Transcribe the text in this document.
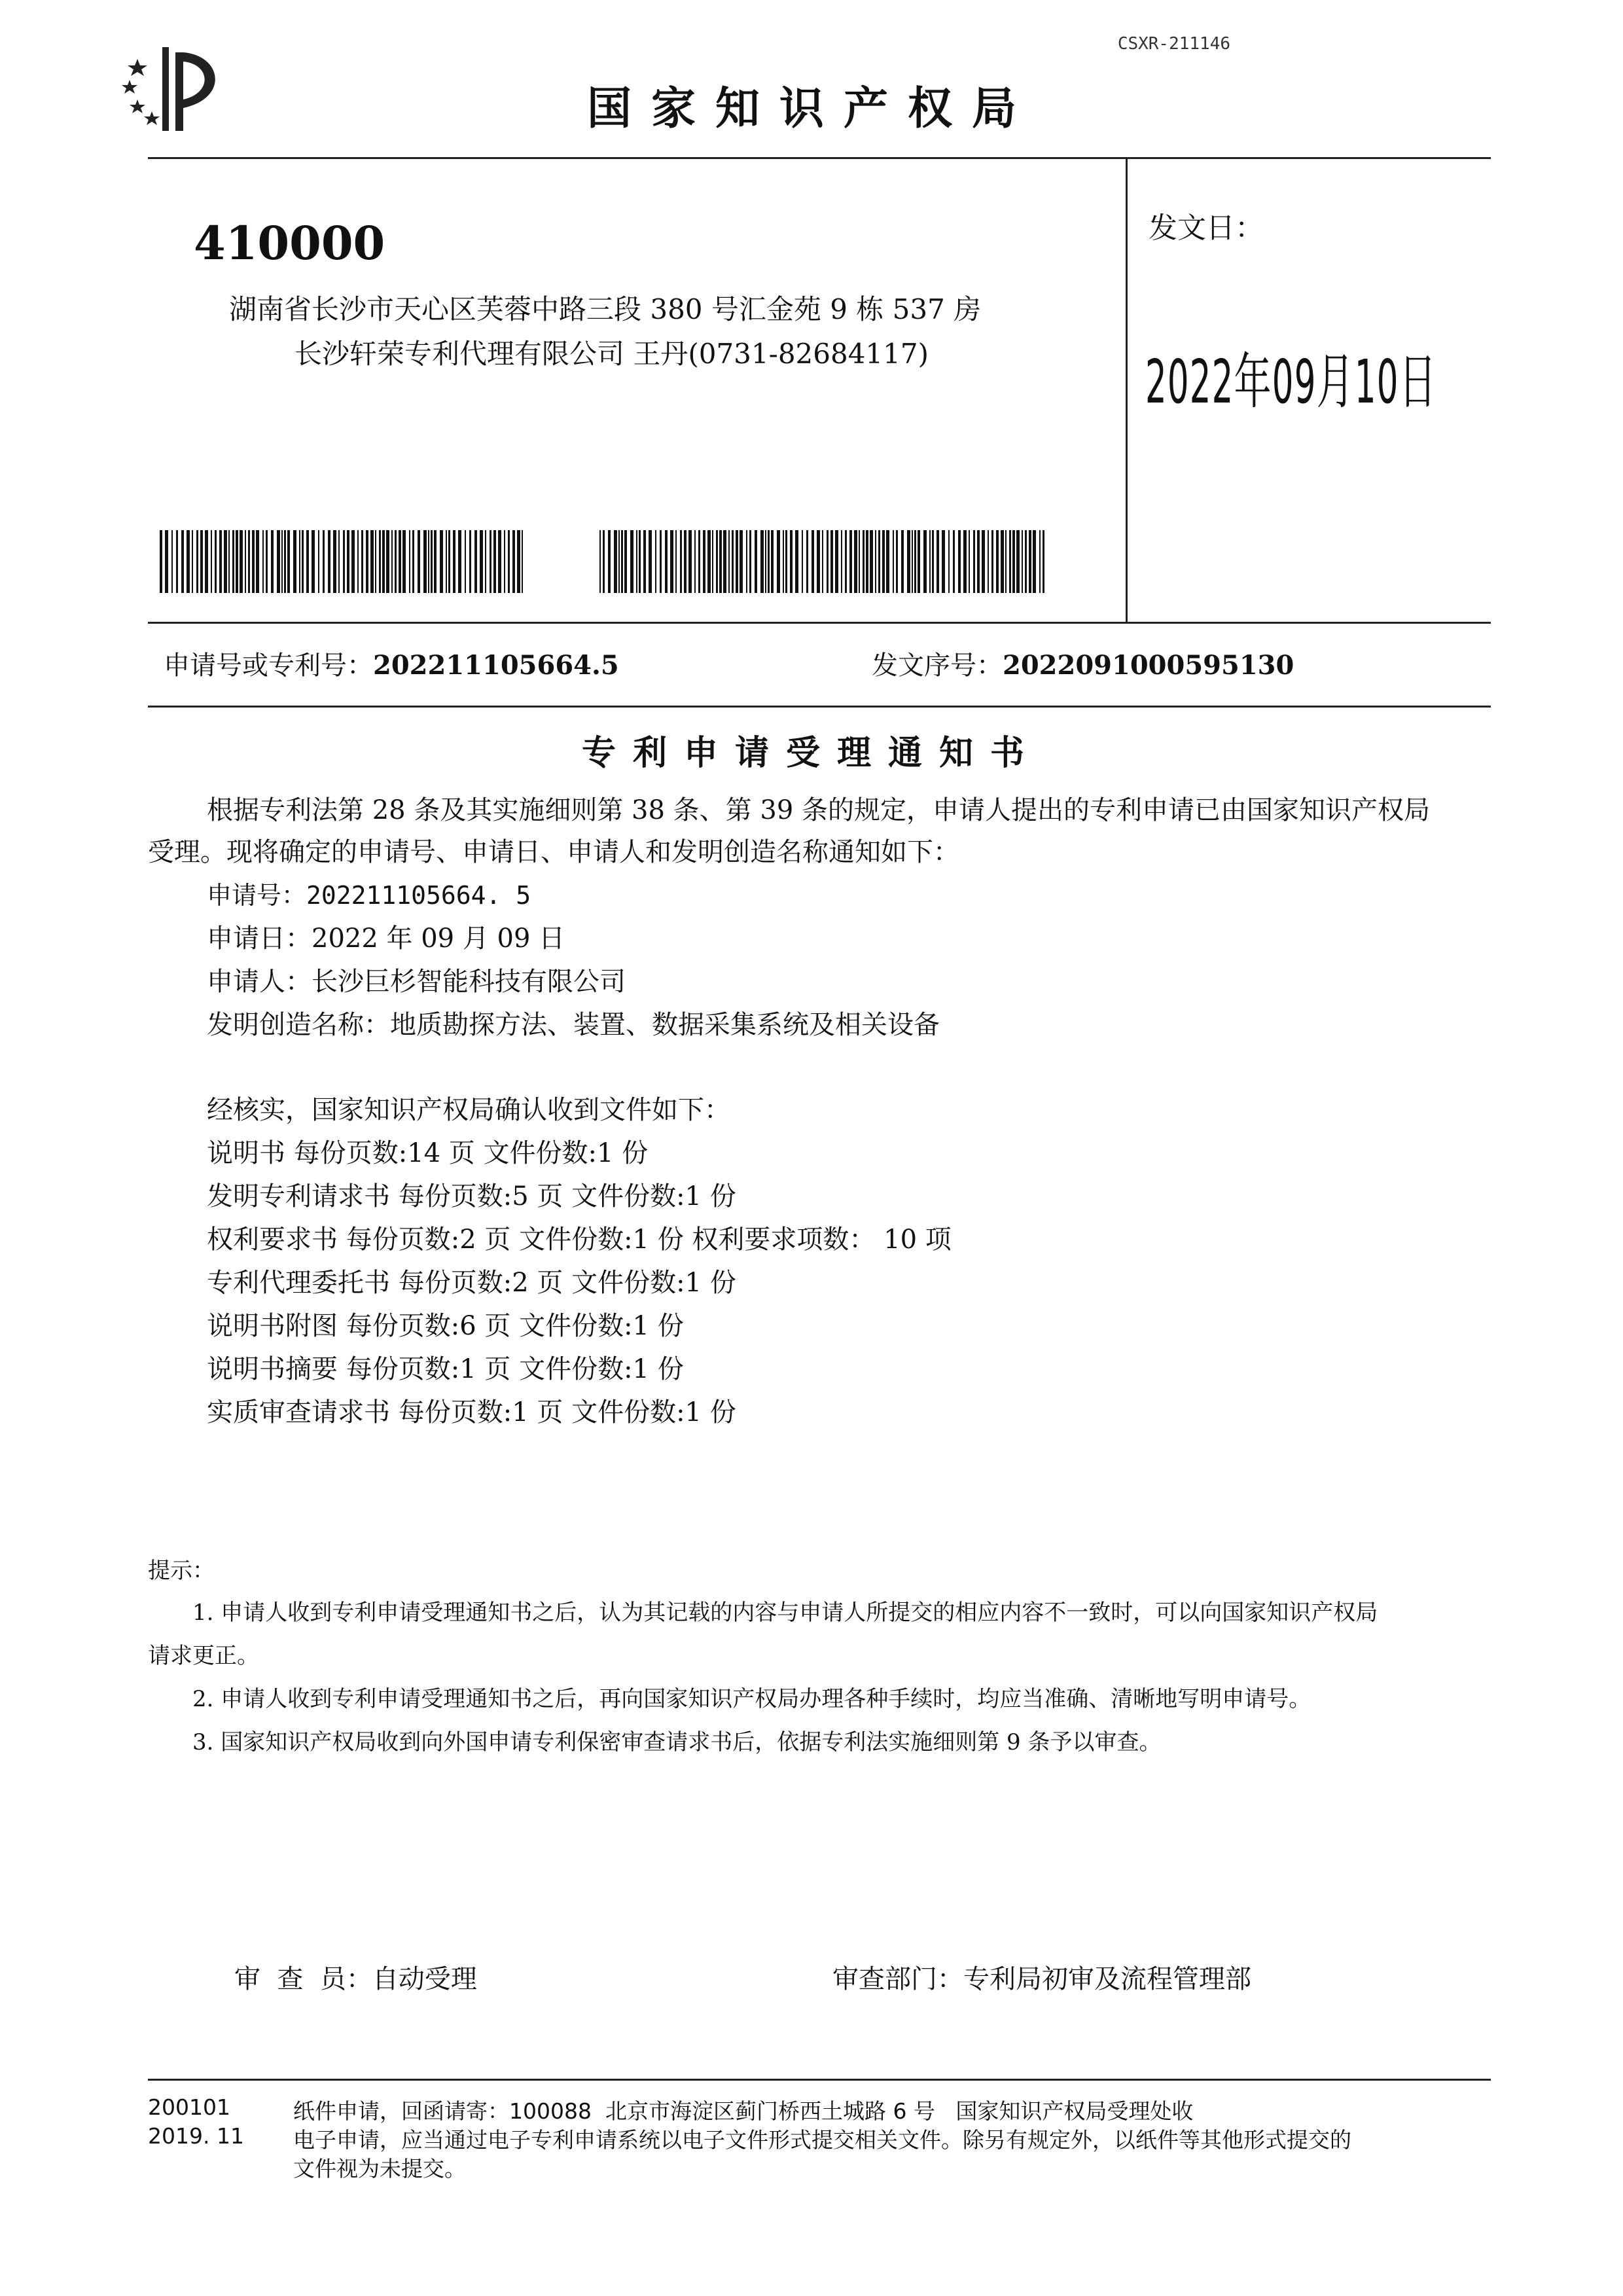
CSXR-211146
国家知识产权局
410000
湖南省长沙市天心区芙蓉中路三段 380 号汇金苑 9 栋 537 房
长沙轩荣专利代理有限公司 王丹(0731-82684117)
发文日：
2022年09月10日
申请号或专利号：202211105664.5	发文序号：2022091000595130
专利申请受理通知书
根据专利法第 28 条及其实施细则第 38 条、第 39 条的规定，申请人提出的专利申请已由国家知识产权局
受理。现将确定的申请号、申请日、申请人和发明创造名称通知如下：
申请号：202211105664. 5
申请日：2022 年 09 月 09 日
申请人：长沙巨杉智能科技有限公司
发明创造名称：地质勘探方法、装置、数据采集系统及相关设备
经核实，国家知识产权局确认收到文件如下：
说明书 每份页数:14 页 文件份数:1 份
发明专利请求书 每份页数:5 页 文件份数:1 份
权利要求书 每份页数:2 页 文件份数:1 份 权利要求项数： 10 项
专利代理委托书 每份页数:2 页 文件份数:1 份
说明书附图 每份页数:6 页 文件份数:1 份
说明书摘要 每份页数:1 页 文件份数:1 份
实质审查请求书 每份页数:1 页 文件份数:1 份
提示：
1. 申请人收到专利申请受理通知书之后，认为其记载的内容与申请人所提交的相应内容不一致时，可以向国家知识产权局
请求更正。
2. 申请人收到专利申请受理通知书之后，再向国家知识产权局办理各种手续时，均应当准确、清晰地写明申请号。
3. 国家知识产权局收到向外国申请专利保密审查请求书后，依据专利法实施细则第 9 条予以审查。
审  查  员：自动受理	审查部门：专利局初审及流程管理部
200101
2019. 11
纸件申请，回函请寄：100088  北京市海淀区蓟门桥西土城路 6 号   国家知识产权局受理处收
电子申请，应当通过电子专利申请系统以电子文件形式提交相关文件。除另有规定外，以纸件等其他形式提交的
文件视为未提交。
